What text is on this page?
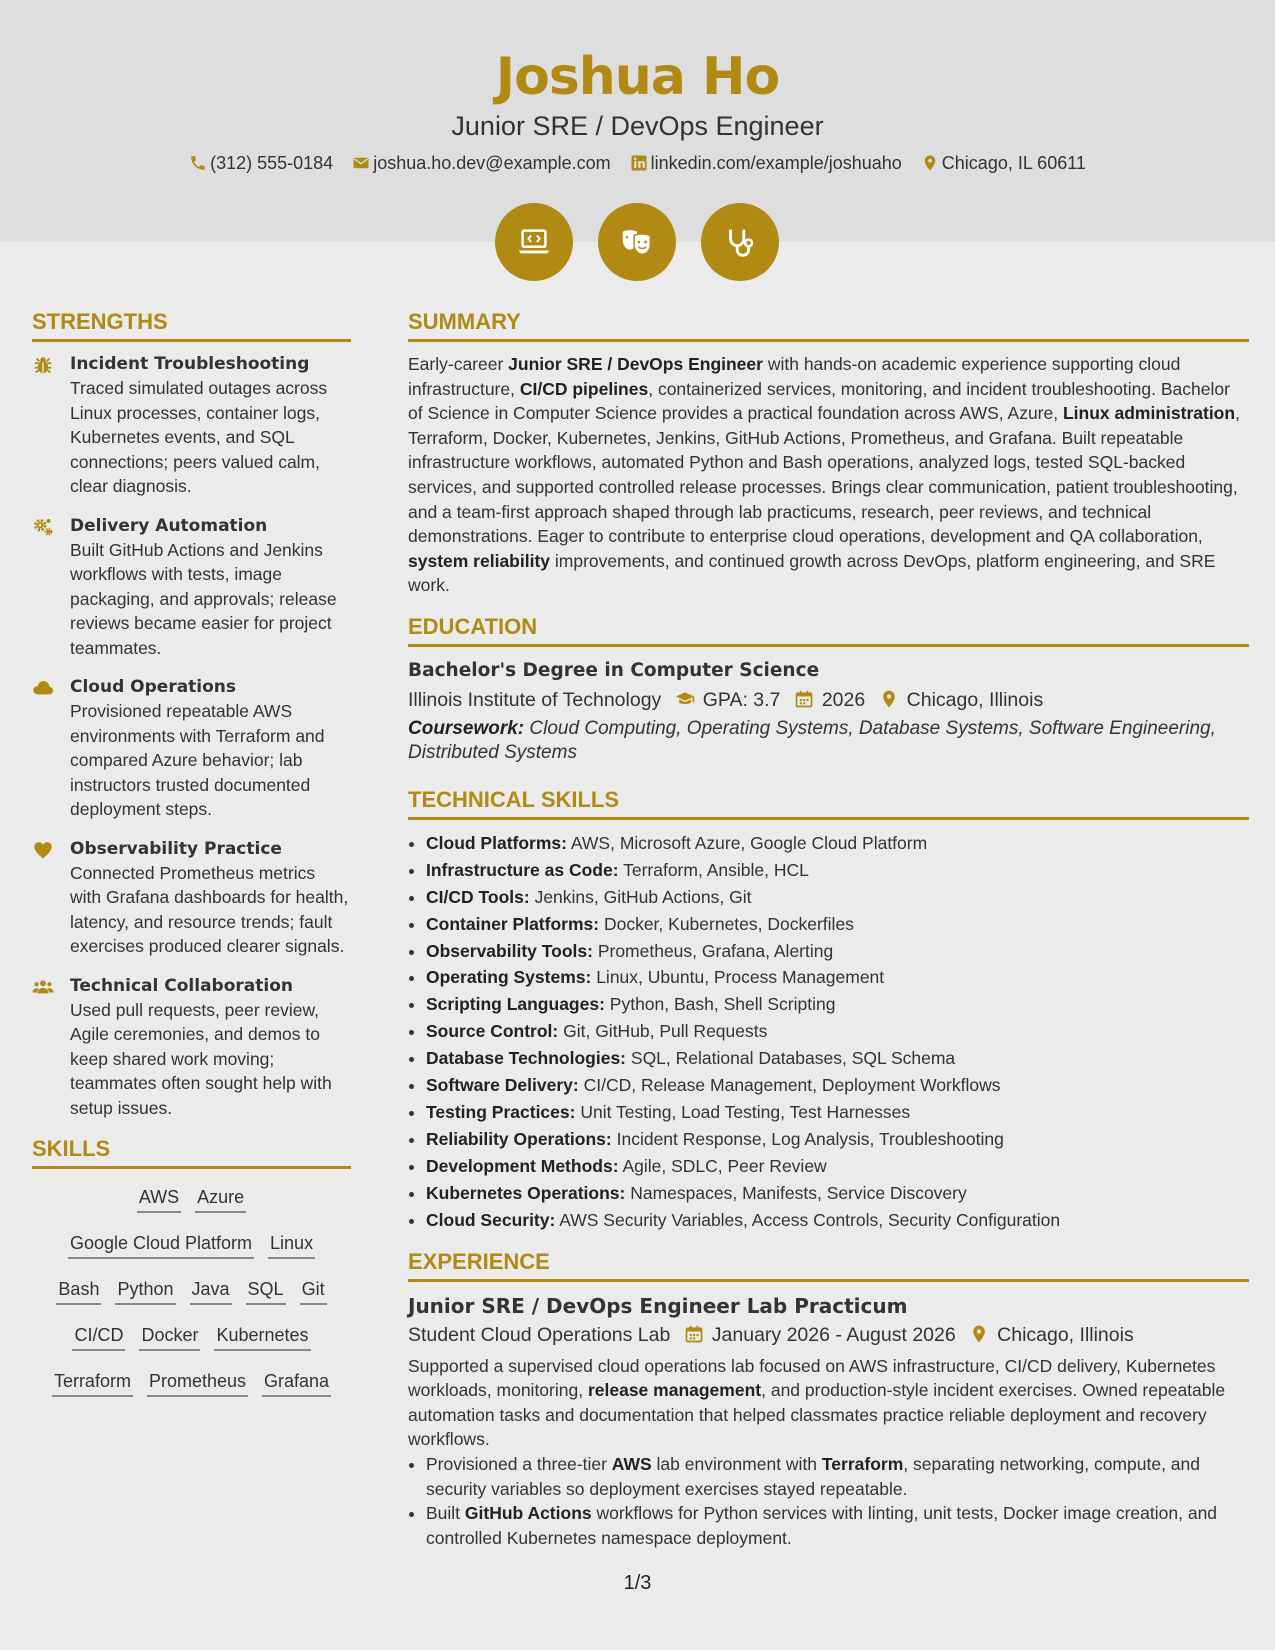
Joshua Ho
Junior SRE / DevOps Engineer
(312) 555-0184 joshua.ho.dev@example.com linkedin.com/example/joshuaho Chicago, IL 60611
STRENGTHS
Incident Troubleshooting
Traced simulated outages across Linux processes, container logs, Kubernetes events, and SQL connections; peers valued calm, clear diagnosis.
Delivery Automation
Built GitHub Actions and Jenkins workflows with tests, image packaging, and approvals; release reviews became easier for project teammates.
Cloud Operations
Provisioned repeatable AWS environments with Terraform and compared Azure behavior; lab instructors trusted documented deployment steps.
Observability Practice
Connected Prometheus metrics with Grafana dashboards for health, latency, and resource trends; fault exercises produced clearer signals.
Technical Collaboration
Used pull requests, peer review, Agile ceremonies, and demos to keep shared work moving; teammates often sought help with setup issues.
SKILLS
AWS Azure
Google Cloud Platform Linux
Bash Python Java SQL Git
CI/CD Docker Kubernetes
Terraform Prometheus Grafana
SUMMARY

Early-career Junior SRE / DevOps Engineer with hands-on academic experience supporting cloud infrastructure, CI/CD pipelines, containerized services, monitoring, and incident troubleshooting. Bachelor of Science in Computer Science provides a practical foundation across AWS, Azure, Linux administration, Terraform, Docker, Kubernetes, Jenkins, GitHub Actions, Prometheus, and Grafana. Built repeatable infrastructure workflows, automated Python and Bash operations, analyzed logs, tested SQL-backed services, and supported controlled release processes. Brings clear communication, patient troubleshooting, and a team-first approach shaped through lab practicums, research, peer reviews, and technical demonstrations. Eager to contribute to enterprise cloud operations, development and QA collaboration, system reliability improvements, and continued growth across DevOps, platform engineering, and SRE work.

EDUCATION
Bachelor's Degree in Computer Science
Illinois Institute of Technology GPA: 3.7 2026 Chicago, Illinois
Coursework: Cloud Computing, Operating Systems, Database Systems, Software Engineering, Distributed Systems
TECHNICAL SKILLS
• Cloud Platforms: AWS, Microsoft Azure, Google Cloud Platform
• Infrastructure as Code: Terraform, Ansible, HCL
• CI/CD Tools: Jenkins, GitHub Actions, Git
• Container Platforms: Docker, Kubernetes, Dockerfiles
• Observability Tools: Prometheus, Grafana, Alerting
• Operating Systems: Linux, Ubuntu, Process Management
• Scripting Languages: Python, Bash, Shell Scripting
• Source Control: Git, GitHub, Pull Requests
• Database Technologies: SQL, Relational Databases, SQL Schema
• Software Delivery: CI/CD, Release Management, Deployment Workflows
• Testing Practices: Unit Testing, Load Testing, Test Harnesses
• Reliability Operations: Incident Response, Log Analysis, Troubleshooting
• Development Methods: Agile, SDLC, Peer Review
• Kubernetes Operations: Namespaces, Manifests, Service Discovery
• Cloud Security: AWS Security Variables, Access Controls, Security Configuration
EXPERIENCE
Junior SRE / DevOps Engineer Lab Practicum
Student Cloud Operations Lab January 2026 - August 2026 Chicago, Illinois

Supported a supervised cloud operations lab focused on AWS infrastructure, CI/CD delivery, Kubernetes workloads, monitoring, release management, and production-style incident exercises. Owned repeatable automation tasks and documentation that helped classmates practice reliable deployment and recovery workflows.

• Provisioned a three-tier AWS lab environment with Terraform, separating networking, compute, and security variables so deployment exercises stayed repeatable.
• Built GitHub Actions workflows for Python services with linting, unit tests, Docker image creation, and controlled Kubernetes namespace deployment.
1/3
